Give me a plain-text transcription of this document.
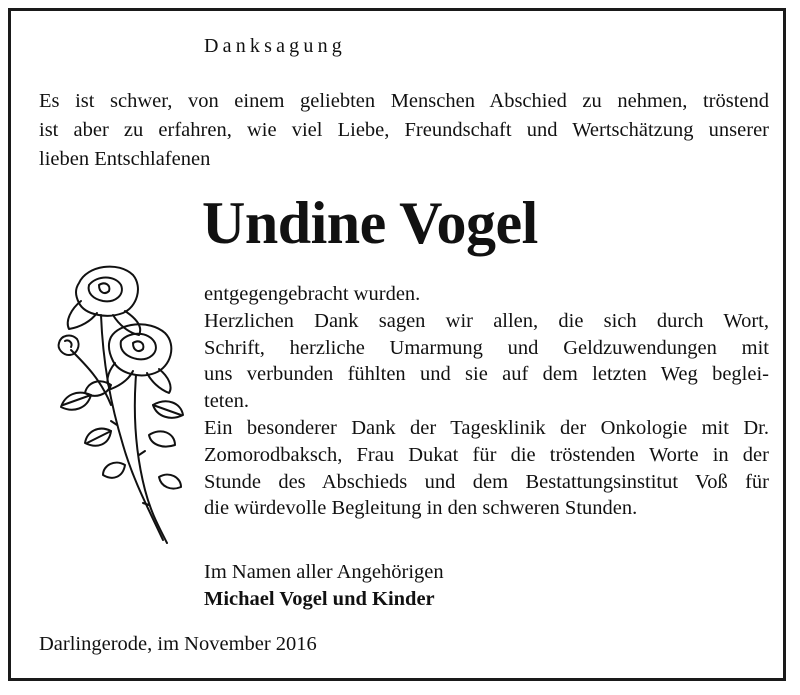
Danksagung
Es ist schwer, von einem geliebten Menschen Abschied zu nehmen, tröstend
ist aber zu erfahren, wie viel Liebe, Freundschaft und Wertschätzung unserer
lieben Entschlafenen
Undine Vogel
entgegengebracht wurden.
Herzlichen Dank sagen wir allen, die sich durch Wort,
Schrift, herzliche Umarmung und Geldzuwendungen mit
uns verbunden fühlten und sie auf dem letzten Weg beglei-
teten.
Ein besonderer Dank der Tagesklinik der Onkologie mit Dr.
Zomorodbaksch, Frau Dukat für die tröstenden Worte in der
Stunde des Abschieds und dem Bestattungsinstitut Voß für
die würdevolle Begleitung in den schweren Stunden.
Im Namen aller Angehörigen
Michael Vogel und Kinder
Darlingerode, im November 2016
